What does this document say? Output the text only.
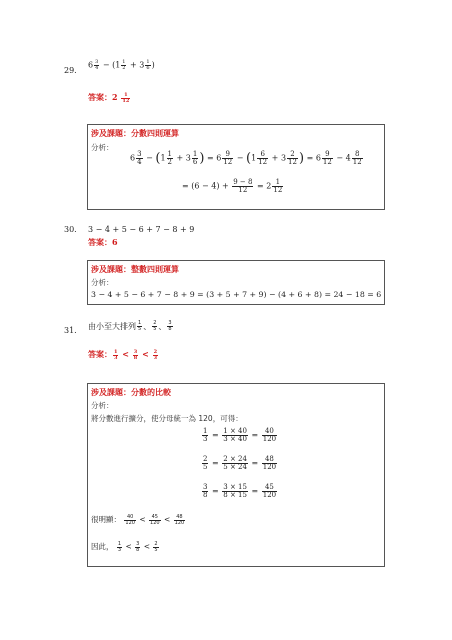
29.
$6 \frac{3}{4} - (1 \frac{1}{2} + 3 \frac{1}{6}$ )
答案：$2 \frac{1}{12}$
涉及課題：分數四則運算
分析：
$6 \frac{3}{4} - (1 \frac{1}{2} + 3 \frac{1}{6}$ ) = $6 \frac{9}{12} - (1 \frac{6}{12} + 3 \frac{2}{12}$ ) = $6 \frac{9}{12} - 4 \frac{8}{12}$
= $(6 - 4) + \frac{9 - 8}{12} = 2 \frac{1}{12}$
30. 3 − 4 + 5 − 6 + 7 − 8 + 9
答案：6
涉及課題：整數四則運算
分析：
3 − 4 + 5 − 6 + 7 − 8 + 9 = (3 + 5 + 7 + 9) − (4 + 6 + 8) = 24 − 18 = 6
31. 由小至大排列 $\frac{1}{5}$ 、 $\frac{2}{5}$ 、 $\frac{3}{8}$
答案： $\frac{1}{3} < \frac{3}{8} < \frac{2}{3}$
涉及課題：分數的比較
分析：
將分數進行擴分，使分母統一為 120，可得：
$\frac{1}{3} = \frac{1 \times 40}{3 \times 40} = \frac{40}{120}$
$\frac{2}{5} = \frac{2 \times 24}{5 \times 24} = \frac{48}{120}$
$\frac{3}{8} = \frac{3 \times 15}{8 \times 15} = \frac{45}{120}$
很明顯： $\frac{40}{120} < \frac{45}{120} < \frac{48}{120}$
因此， $\frac{1}{3} < \frac{3}{8} < \frac{2}{5}$
